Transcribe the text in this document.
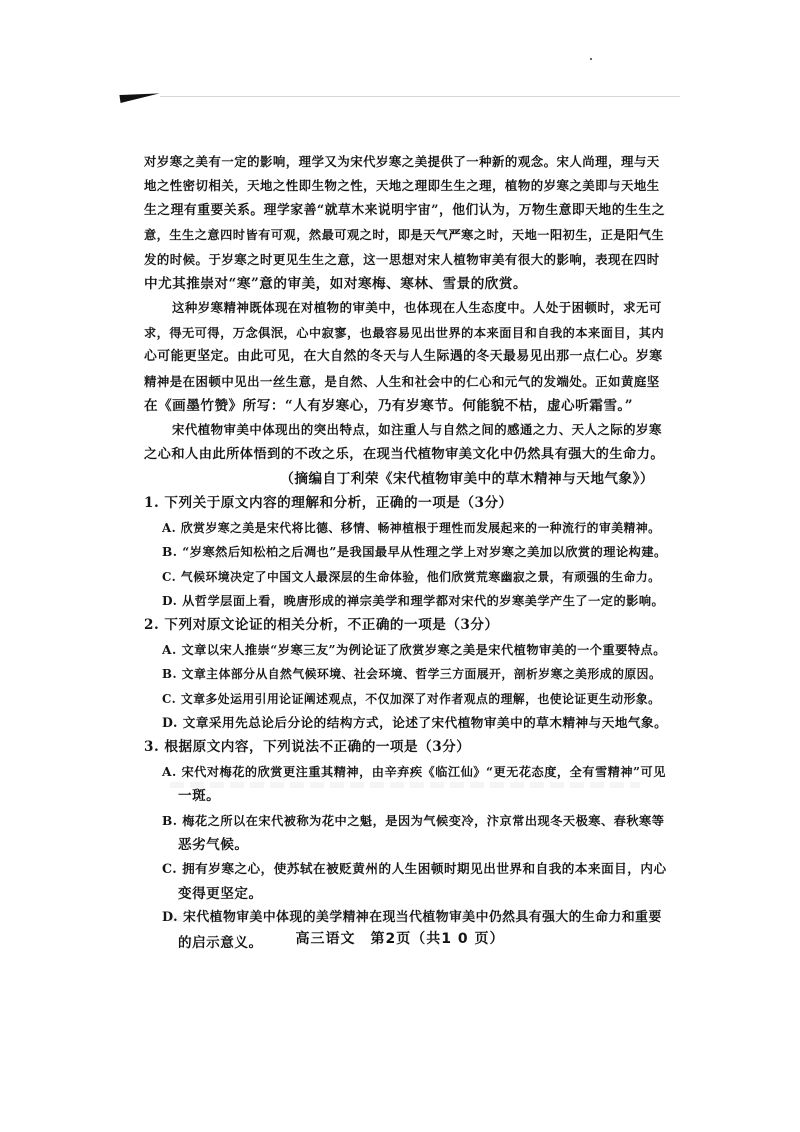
对岁寒之美有一定的影响，理学又为宋代岁寒之美提供了一种新的观念。宋人尚理，理与天
地之性密切相关，天地之性即生物之性，天地之理即生生之理，植物的岁寒之美即与天地生
生之理有重要关系。理学家善“就草木来说明宇宙”，他们认为，万物生意即天地的生生之
意，生生之意四时皆有可观，然最可观之时，即是天气严寒之时，天地一阳初生，正是阳气生
发的时候。于岁寒之时更见生生之意，这一思想对宋人植物审美有很大的影响，表现在四时
中尤其推崇对“寒”意的审美，如对寒梅、寒林、雪景的欣赏。
这种岁寒精神既体现在对植物的审美中，也体现在人生态度中。人处于困顿时，求无可
求，得无可得，万念俱泯，心中寂寥，也最容易见出世界的本来面目和自我的本来面目，其内
心可能更坚定。由此可见，在大自然的冬天与人生际遇的冬天最易见出那一点仁心。岁寒
精神是在困顿中见出一丝生意，是自然、人生和社会中的仁心和元气的发端处。正如黄庭坚
在《画墨竹赞》所写：“人有岁寒心，乃有岁寒节。何能貌不枯，虚心听霜雪。”
宋代植物审美中体现出的突出特点，如注重人与自然之间的感通之力、天人之际的岁寒
之心和人由此所体悟到的不改之乐，在现当代植物审美文化中仍然具有强大的生命力。
（摘编自丁利荣《宋代植物审美中的草木精神与天地气象》）
1. 下列关于原文内容的理解和分析，正确的一项是（3分）
A. 欣赏岁寒之美是宋代将比德、移情、畅神植根于理性而发展起来的一种流行的审美精神。
B. “岁寒然后知松柏之后凋也”是我国最早从性理之学上对岁寒之美加以欣赏的理论构建。
C. 气候环境决定了中国文人最深层的生命体验，他们欣赏荒寒幽寂之景，有顽强的生命力。
D. 从哲学层面上看，晚唐形成的禅宗美学和理学都对宋代的岁寒美学产生了一定的影响。
2. 下列对原文论证的相关分析，不正确的一项是（3分）
A. 文章以宋人推崇“岁寒三友”为例论证了欣赏岁寒之美是宋代植物审美的一个重要特点。
B. 文章主体部分从自然气候环境、社会环境、哲学三方面展开，剖析岁寒之美形成的原因。
C. 文章多处运用引用论证阐述观点，不仅加深了对作者观点的理解，也使论证更生动形象。
D. 文章采用先总论后分论的结构方式，论述了宋代植物审美中的草木精神与天地气象。
3. 根据原文内容，下列说法不正确的一项是（3分）
A. 宋代对梅花的欣赏更注重其精神，由辛弃疾《临江仙》“更无花态度，全有雪精神”可见
一斑。
B. 梅花之所以在宋代被称为花中之魁，是因为气候变冷，汴京常出现冬天极寒、春秋寒等
恶劣气候。
C. 拥有岁寒之心，使苏轼在被贬黄州的人生困顿时期见出世界和自我的本来面目，内心
变得更坚定。
D. 宋代植物审美中体现的美学精神在现当代植物审美中仍然具有强大的生命力和重要
的启示意义。	高三语文　第2页（共1 0 页）
